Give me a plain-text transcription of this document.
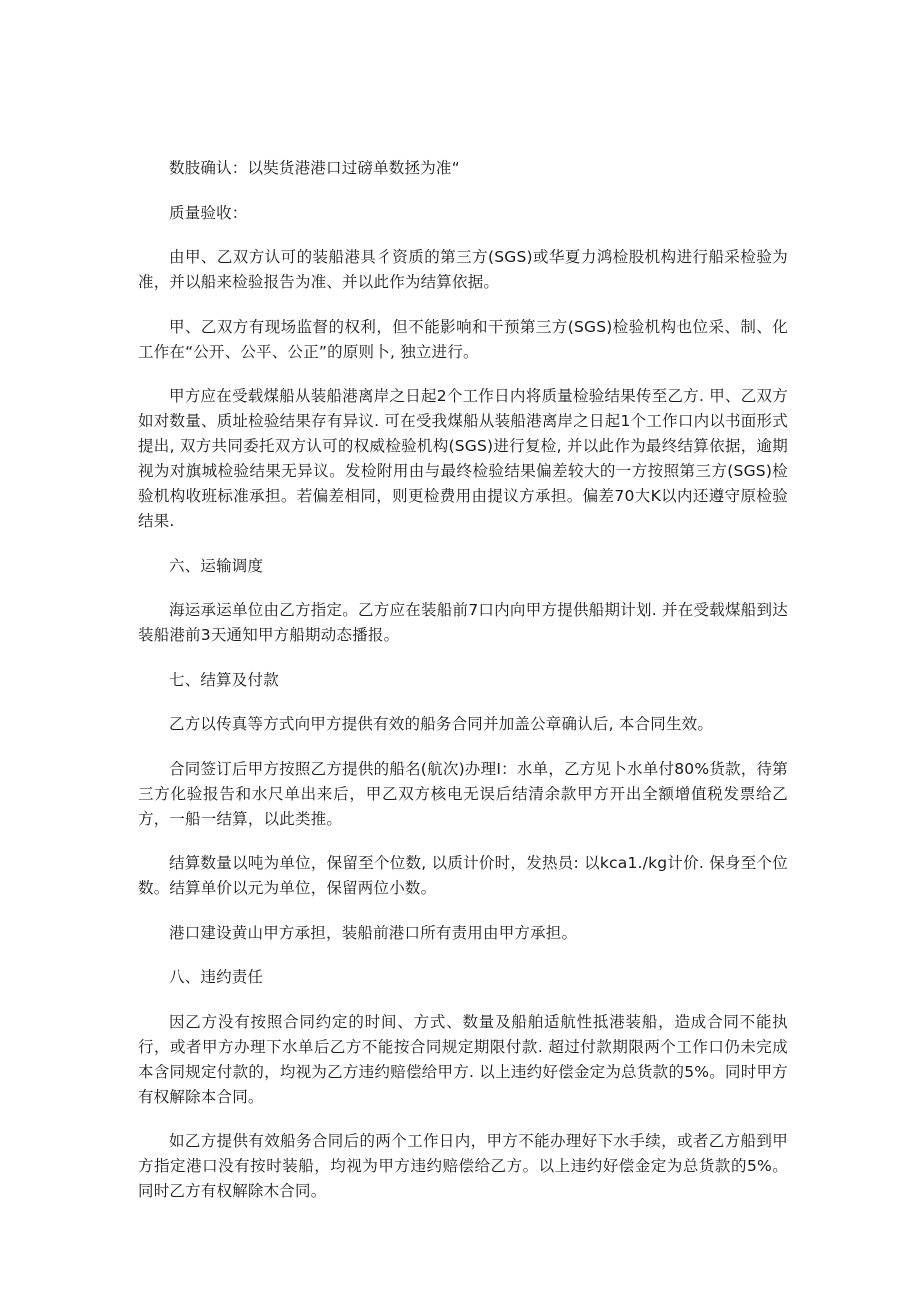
数肢确认：以奘货港港口过磅单数拯为准“

质量验收：

由甲、乙双方认可的装船港具彳资质的第三方(SGS)或华夏力鸿检股机构进行船采检验为准，并以船来检验报告为准、并以此作为结算依据。

甲、乙双方有现场监督的权利，但不能影响和干预第三方(SGS)检验机构也位采、制、化工作在“公开、公平、公正”的原则卜, 独立进行。

甲方应在受载煤船从装船港离岸之日起2个工作日内将质量检验结果传至乙方. 甲、乙双方如对数量、质址检验结果存有异议. 可在受我煤船从装船港离岸之日起1个工作口内以书面形式提出, 双方共同委托双方认可的权威检验机构(SGS)进行复检, 并以此作为最终结算依据，逾期视为对旗城检验结果无异议。发检附用由与最终检验结果偏差较大的一方按照第三方(SGS)检验机构收班标准承担。若偏差相同，则更检费用由提议方承担。偏差70大K以内还遵守原检验结果.

六、运输调度

海运承运单位由乙方指定。乙方应在装船前7口内向甲方提供船期计划. 并在受载煤船到达装船港前3天通知甲方船期动态播报。

七、结算及付款

乙方以传真等方式向甲方提供有效的船务合同并加盖公章确认后, 本合同生效。

合同签订后甲方按照乙方提供的船名(航次)办理I：水单，乙方见卜水单付80%货款，待第三方化验报告和水尺单出来后，甲乙双方核电无误后结清余款甲方开出全额增值税发票给乙方，一船一结算，以此类推。

结算数量以吨为单位，保留至个位数, 以质计价时，发热员: 以kca1./kg计价. 保身至个位数。结算单价以元为单位，保留两位小数。

港口建设黄山甲方承担，装船前港口所有责用由甲方承担。

八、违约责任

因乙方没有按照合同约定的时间、方式、数量及船舶适航性抵港装船，造成合同不能执行，或者甲方办理下水单后乙方不能按合同规定期限付款. 超过付款期限两个工作口仍未完成本含同规定付款的，均视为乙方违约赔偿给甲方. 以上违约好偿金定为总货款的5%。同时甲方有权解除本合同。

如乙方提供有效船务合同后的两个工作日内，甲方不能办理好下水手续，或者乙方船到甲方指定港口没有按时装船，均视为甲方违约赔偿给乙方。以上违约好偿金定为总货款的5%。同时乙方有权解除木合同。
